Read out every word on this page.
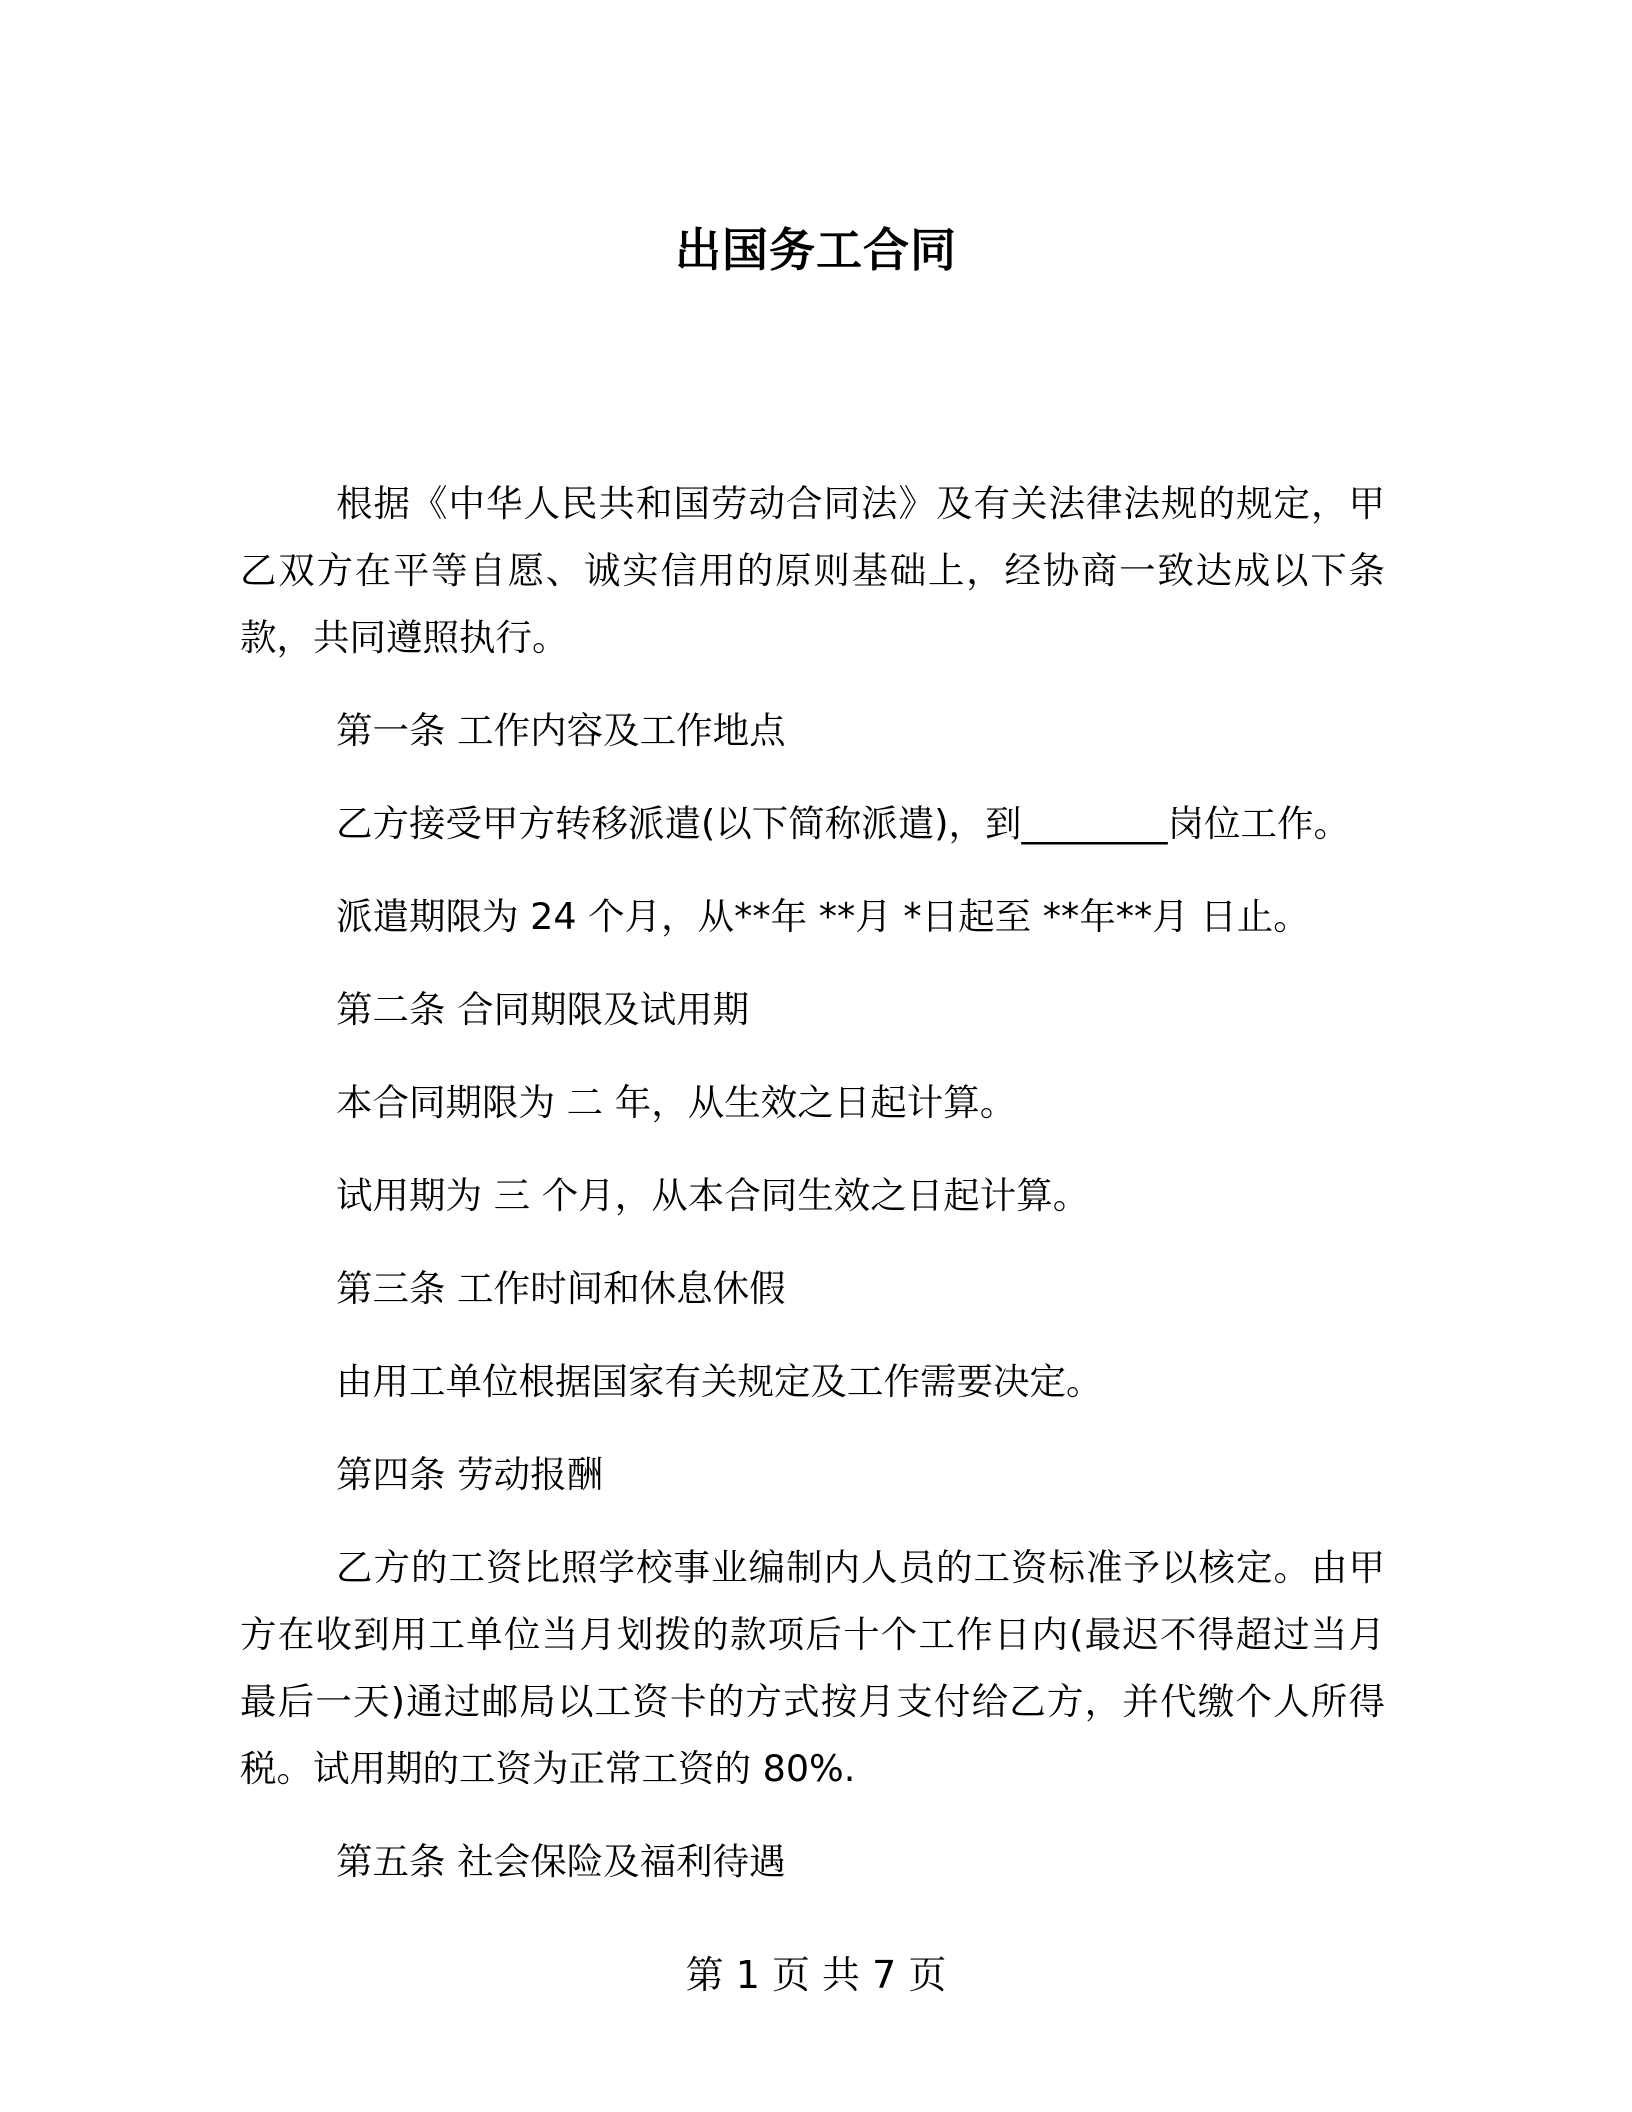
出国务工合同

根据《中华人民共和国劳动合同法》及有关法律法规的规定，甲乙双方在平等自愿、诚实信用的原则基础上，经协商一致达成以下条款，共同遵照执行。

第一条 工作内容及工作地点

乙方接受甲方转移派遣(以下简称派遣)，到________岗位工作。

派遣期限为 24 个月，从**年 **月 *日起至 **年**月 日止。

第二条 合同期限及试用期

本合同期限为 二 年，从生效之日起计算。

试用期为 三 个月，从本合同生效之日起计算。

第三条 工作时间和休息休假

由用工单位根据国家有关规定及工作需要决定。

第四条 劳动报酬

乙方的工资比照学校事业编制内人员的工资标准予以核定。由甲方在收到用工单位当月划拨的款项后十个工作日内(最迟不得超过当月最后一天)通过邮局以工资卡的方式按月支付给乙方，并代缴个人所得税。试用期的工资为正常工资的 80%.

第五条 社会保险及福利待遇

第 1 页 共 7 页
